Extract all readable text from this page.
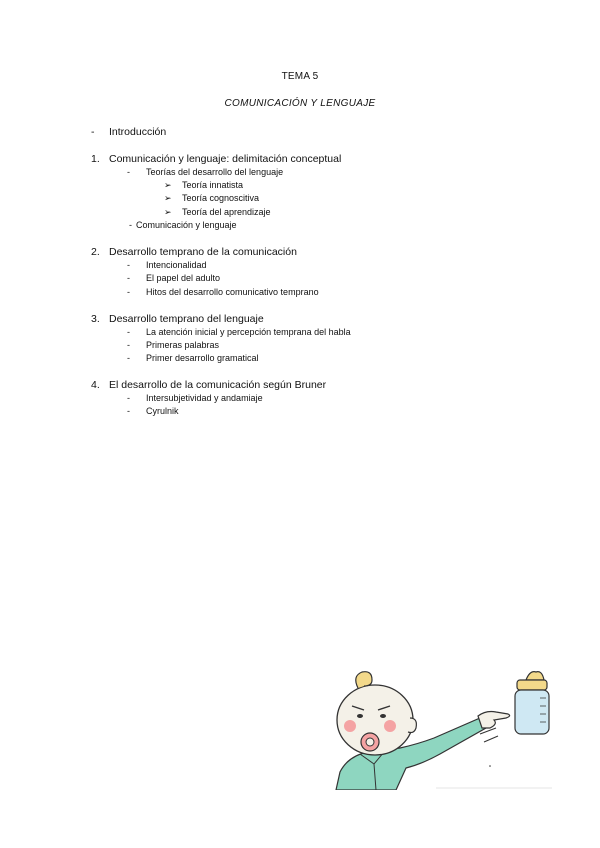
TEMA 5
COMUNICACIÓN Y LENGUAJE
- Introducción
1. Comunicación y lenguaje: delimitación conceptual
- Teorías del desarrollo del lenguaje
➢ Teoría innatista
➢ Teoría cognoscitiva
➢ Teoría del aprendizaje
- Comunicación y lenguaje
2. Desarrollo temprano de la comunicación
- Intencionalidad
- El papel del adulto
- Hitos del desarrollo comunicativo temprano
3. Desarrollo temprano del lenguaje
- La atención inicial y percepción temprana del habla
- Primeras palabras
- Primer desarrollo gramatical
4. El desarrollo de la comunicación según Bruner
- Intersubjetividad y andamiaje
- Cyrulnik
